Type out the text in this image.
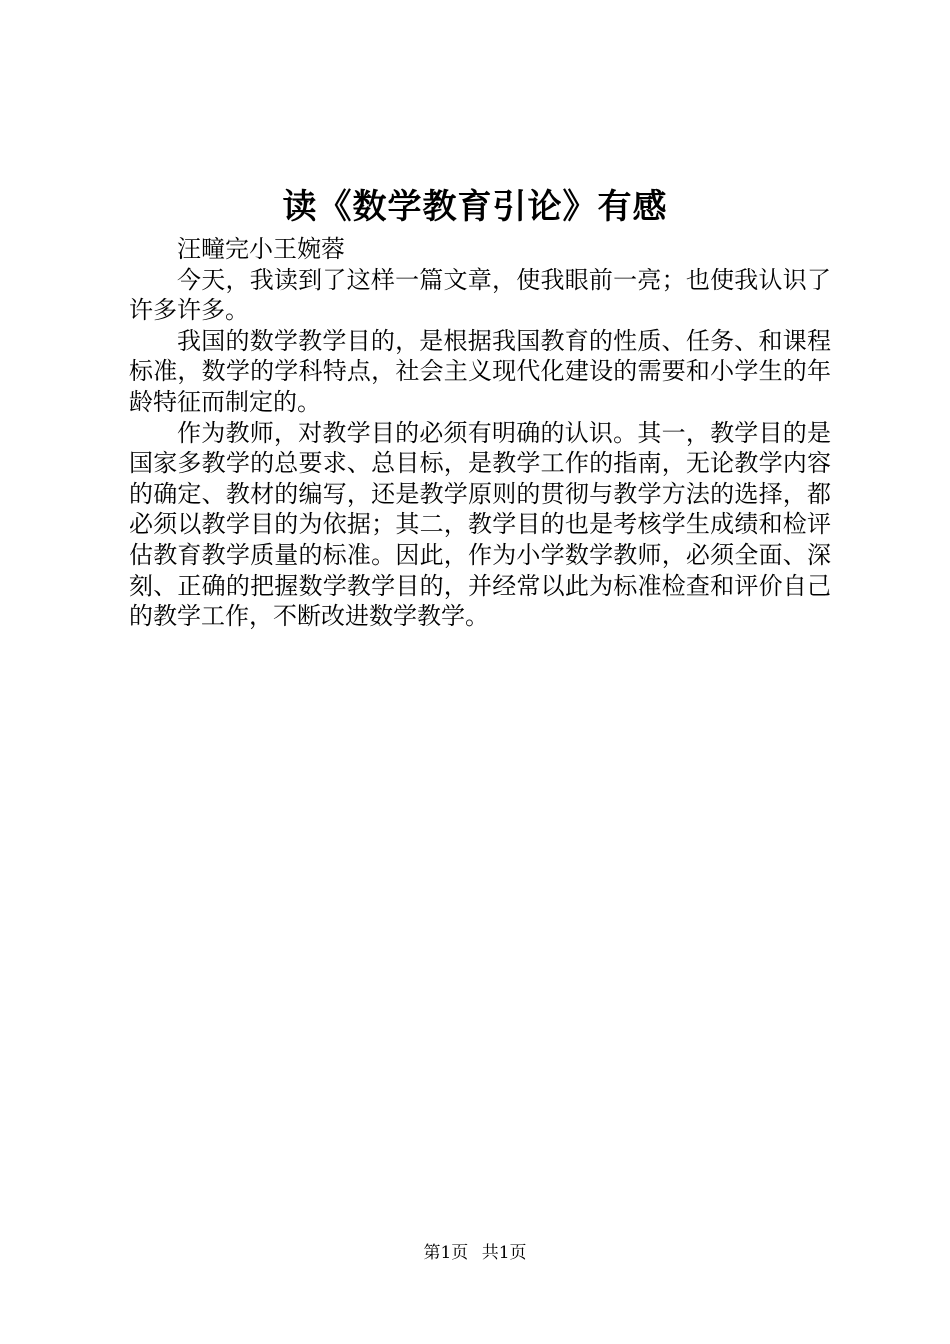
读《数学教育引论》有感

汪疃完小王婉蓉

今天，我读到了这样一篇文章，使我眼前一亮；也使我认识了许多许多。

我国的数学教学目的，是根据我国教育的性质、任务、和课程标准，数学的学科特点，社会主义现代化建设的需要和小学生的年龄特征而制定的。

作为教师，对教学目的必须有明确的认识。其一，教学目的是国家多教学的总要求、总目标，是教学工作的指南，无论教学内容的确定、教材的编写，还是教学原则的贯彻与教学方法的选择，都必须以教学目的为依据；其二，教学目的也是考核学生成绩和检评估教育教学质量的标准。因此，作为小学数学教师，必须全面、深刻、正确的把握数学教学目的，并经常以此为标准检查和评价自己的教学工作，不断改进数学教学。

第1页 共1页
